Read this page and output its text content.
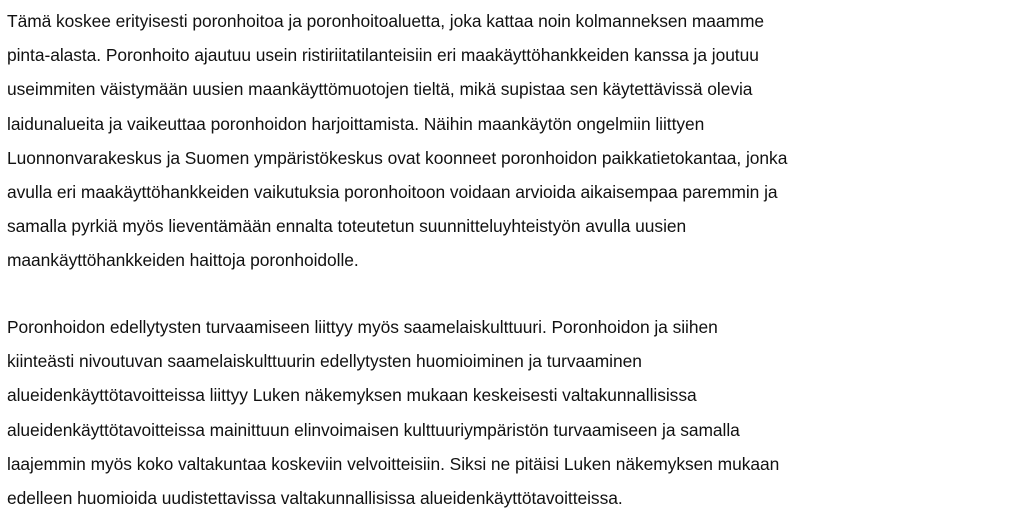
Tämä koskee erityisesti poronhoitoa ja poronhoitoaluetta, joka kattaa noin kolmanneksen maamme
pinta-alasta. Poronhoito ajautuu usein ristiriitatilanteisiin eri maakäyttöhankkeiden kanssa ja joutuu
useimmiten väistymään uusien maankäyttömuotojen tieltä, mikä supistaa sen käytettävissä olevia
laidunalueita ja vaikeuttaa poronhoidon harjoittamista. Näihin maankäytön ongelmiin liittyen
Luonnonvarakeskus ja Suomen ympäristökeskus ovat koonneet poronhoidon paikkatietokantaa, jonka
avulla eri maakäyttöhankkeiden vaikutuksia poronhoitoon voidaan arvioida aikaisempaa paremmin ja
samalla pyrkiä myös lieventämään ennalta toteutetun suunnitteluyhteistyön avulla uusien
maankäyttöhankkeiden haittoja poronhoidolle.

Poronhoidon edellytysten turvaamiseen liittyy myös saamelaiskulttuuri. Poronhoidon ja siihen
kiinteästi nivoutuvan saamelaiskulttuurin edellytysten huomioiminen ja turvaaminen
alueidenkäyttötavoitteissa liittyy Luken näkemyksen mukaan keskeisesti valtakunnallisissa
alueidenkäyttötavoitteissa mainittuun elinvoimaisen kulttuuriympäristön turvaamiseen ja samalla
laajemmin myös koko valtakuntaa koskeviin velvoitteisiin. Siksi ne pitäisi Luken näkemyksen mukaan
edelleen huomioida uudistettavissa valtakunnallisissa alueidenkäyttötavoitteissa.
